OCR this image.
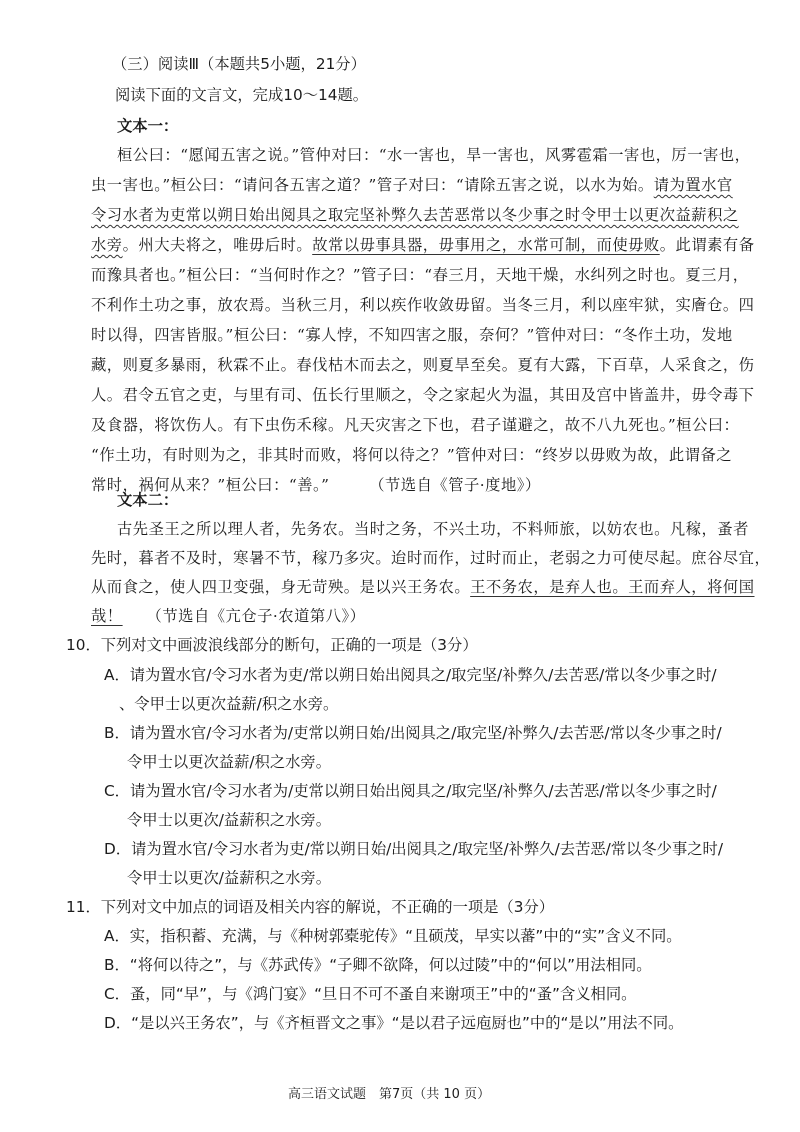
（三）阅读Ⅲ（本题共5小题，21分）
阅读下面的文言文，完成10～14题。
文本一：
桓公曰：“愿闻五害之说。”管仲对曰：“水一害也，旱一害也，风雾雹霜一害也，厉一害也，
虫一害也。”桓公曰：“请问各五害之道？”管子对曰：“请除五害之说，以水为始。请为置水官
令习水者为吏常以朔日始出阅具之取完坚补弊久去苦恶常以冬少事之时令甲士以更次益薪积之
水旁。州大夫将之，唯毋后时。故常以毋事具器，毋事用之，水常可制，而使毋败。此谓素有备
而豫具者也。”桓公曰：“当何时作之？”管子曰：“春三月，天地干燥，水纠列之时也。夏三月，
不利作土功之事，放农焉。当秋三月，利以疾作收敛毋留。当冬三月，利以座牢狱，实廥仓。四
时以得，四害皆服。”桓公曰：“寡人悖，不知四害之服，奈何？”管仲对曰：“冬作土功，发地
藏，则夏多暴雨，秋霖不止。春伐枯木而去之，则夏旱至矣。夏有大露，下百草，人采食之，伤
人。君令五官之吏，与里有司、伍长行里顺之，令之家起火为温，其田及宫中皆盖井，毋令毒下
及食器，将饮伤人。有下虫伤禾稼。凡天灾害之下也，君子谨避之，故不八九死也。”桓公曰：
“作土功，有时则为之，非其时而败，将何以待之？”管仲对曰：“终岁以毋败为故，此谓备之
常时，祸何从来？”桓公曰：“善。”　　　（节选自《管子·度地》）
文本二：
古先圣王之所以理人者，先务农。当时之务，不兴土功，不料师旅，以妨农也。凡稼，蚤者
先时，暮者不及时，寒暑不节，稼乃多灾。迨时而作，过时而止，老弱之力可使尽起。庶谷尽宜，
从而食之，使人四卫变强，身无苛殃。是以兴王务农。王不务农，是弃人也。王而弃人，将何国
哉！　　（节选自《亢仓子·农道第八》）
10．下列对文中画波浪线部分的断句，正确的一项是（3分）
A．请为置水官/令习水者为吏/常以朔日始出阅具之/取完坚/补弊久/去苦恶/常以冬少事之时/
、令甲士以更次益薪/积之水旁。
B．请为置水官/令习水者为/吏常以朔日始/出阅具之/取完坚/补弊久/去苦恶/常以冬少事之时/
令甲士以更次益薪/积之水旁。
C．请为置水官/令习水者为/吏常以朔日始出阅具之/取完坚/补弊久/去苦恶/常以冬少事之时/
令甲士以更次/益薪积之水旁。
D．请为置水官/令习水者为吏/常以朔日始/出阅具之/取完坚/补弊久/去苦恶/常以冬少事之时/
令甲士以更次/益薪积之水旁。
11．下列对文中加点的词语及相关内容的解说，不正确的一项是（3分）
A．实，指积蓄、充满，与《种树郭橐驼传》“且硕茂，早实以蕃”中的“实”含义不同。
B．“将何以待之”，与《苏武传》“子卿不欲降，何以过陵”中的“何以”用法相同。
C．蚤，同“早”，与《鸿门宴》“旦日不可不蚤自来谢项王”中的“蚤”含义相同。
D．“是以兴王务农”，与《齐桓晋文之事》“是以君子远庖厨也”中的“是以”用法不同。
高三语文试题　第7页（共 10 页）
